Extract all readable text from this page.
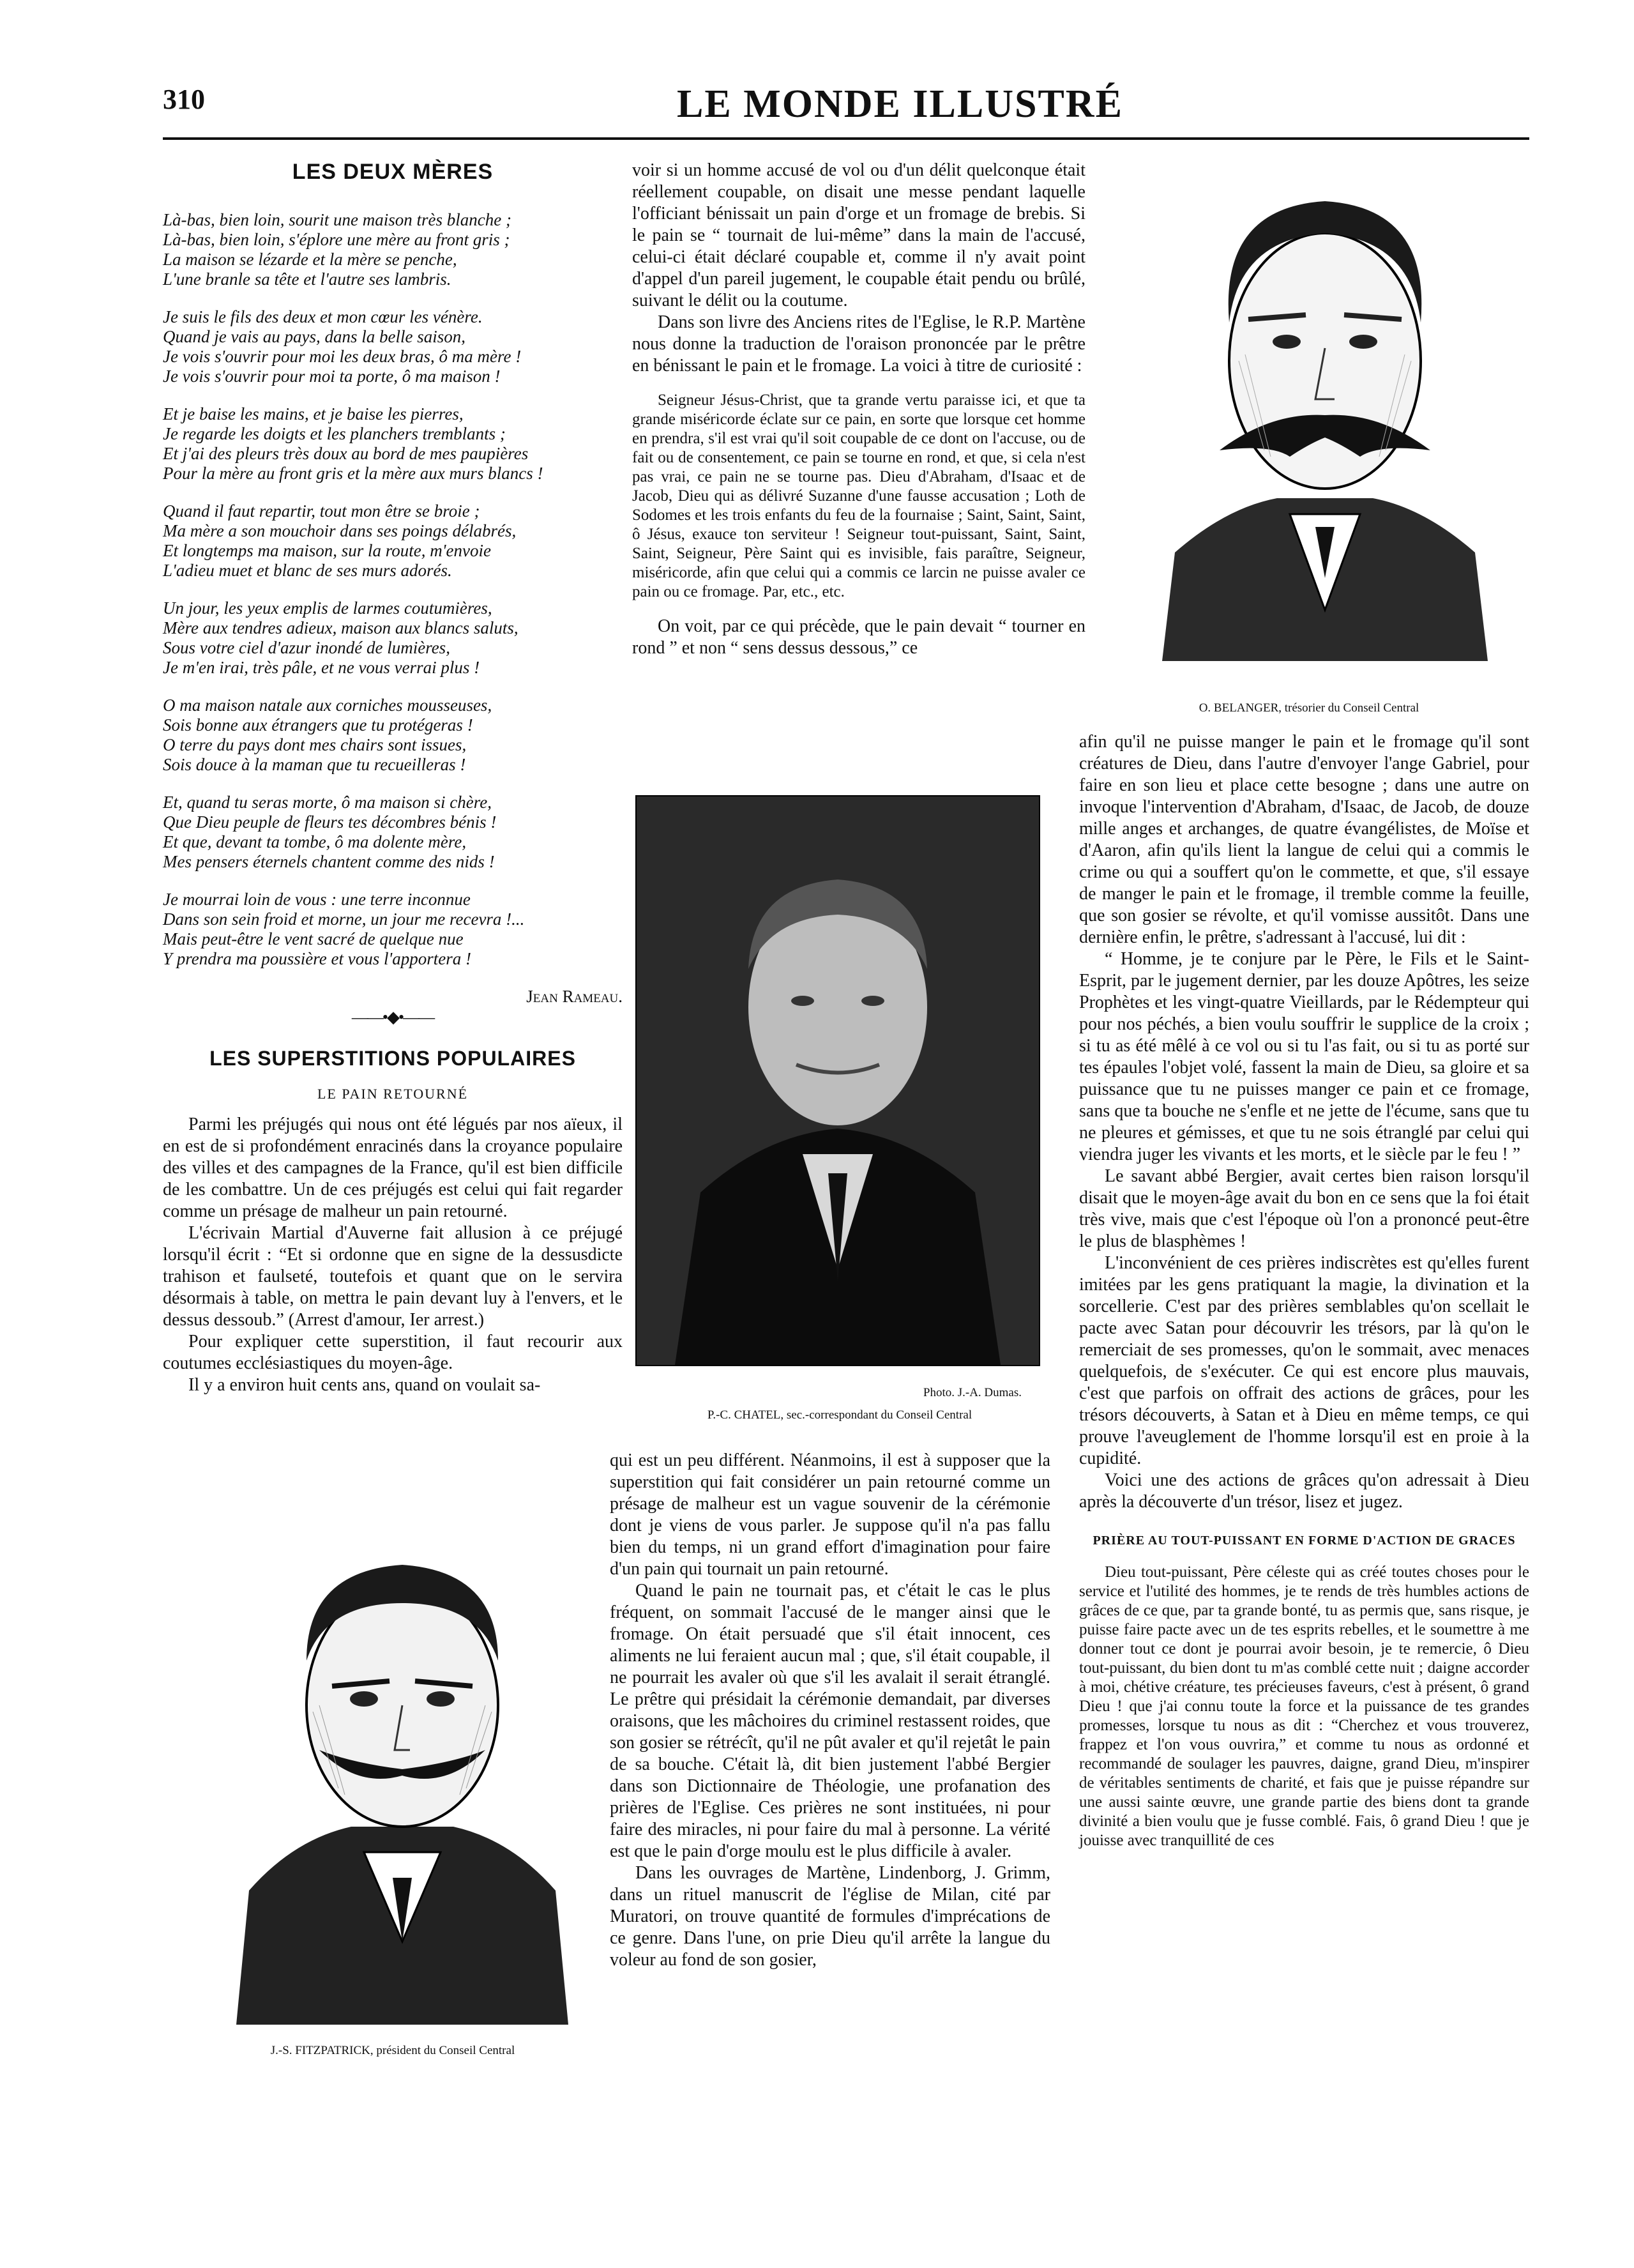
310	LE MONDE ILLUSTRÉ
LES DEUX MÈRES
Là-bas, bien loin, sourit une maison très blanche ;
Là-bas, bien loin, s'éplore une mère au front gris ;
La maison se lézarde et la mère se penche,
L'une branle sa tête et l'autre ses lambris.
Je suis le fils des deux et mon cœur les vénère.
Quand je vais au pays, dans la belle saison,
Je vois s'ouvrir pour moi les deux bras, ô ma mère !
Je vois s'ouvrir pour moi ta porte, ô ma maison !
Et je baise les mains, et je baise les pierres,
Je regarde les doigts et les planchers tremblants ;
Et j'ai des pleurs très doux au bord de mes paupières
Pour la mère au front gris et la mère aux murs blancs !
Quand il faut repartir, tout mon être se broie ;
Ma mère a son mouchoir dans ses poings délabrés,
Et longtemps ma maison, sur la route, m'envoie
L'adieu muet et blanc de ses murs adorés.
Un jour, les yeux emplis de larmes coutumières,
Mère aux tendres adieux, maison aux blancs saluts,
Sous votre ciel d'azur inondé de lumières,
Je m'en irai, très pâle, et ne vous verrai plus !
O ma maison natale aux corniches mousseuses,
Sois bonne aux étrangers que tu protégeras !
O terre du pays dont mes chairs sont issues,
Sois douce à la maman que tu recueilleras !
Et, quand tu seras morte, ô ma maison si chère,
Que Dieu peuple de fleurs tes décombres bénis !
Et que, devant ta tombe, ô ma dolente mère,
Mes pensers éternels chantent comme des nids !
Je mourrai loin de vous : une terre inconnue
Dans son sein froid et morne, un jour me recevra !...
Mais peut-être le vent sacré de quelque nue
Y prendra ma poussière et vous l'apportera !
Jean Rameau.
——•◆•——
LES SUPERSTITIONS POPULAIRES
LE PAIN RETOURNÉ

Parmi les préjugés qui nous ont été légués par nos aïeux, il en est de si profondément enracinés dans la croyance populaire des villes et des campagnes de la France, qu'il est bien difficile de les combattre. Un de ces préjugés est celui qui fait regarder comme un présage de malheur un pain retourné.

L'écrivain Martial d'Auverne fait allusion à ce préjugé lorsqu'il écrit : “Et si ordonne que en signe de la dessusdicte trahison et faulseté, toutefois et quant que on le servira désormais à table, on mettra le pain devant luy à l'envers, et le dessus dessoub.” (Arrest d'amour, Ier arrest.)

Pour expliquer cette superstition, il faut recourir aux coutumes ecclésiastiques du moyen-âge.

Il y a environ huit cents ans, quand on voulait sa-

J.-S. FITZPATRICK, président du Conseil Central

voir si un homme accusé de vol ou d'un délit quelconque était réellement coupable, on disait une messe pendant laquelle l'officiant bénissait un pain d'orge et un fromage de brebis. Si le pain se “ tournait de lui-même” dans la main de l'accusé, celui-ci était déclaré coupable et, comme il n'y avait point d'appel d'un pareil jugement, le coupable était pendu ou brûlé, suivant le délit ou la coutume.

Dans son livre des Anciens rites de l'Eglise, le R.P. Martène nous donne la traduction de l'oraison prononcée par le prêtre en bénissant le pain et le fromage. La voici à titre de curiosité :

Seigneur Jésus-Christ, que ta grande vertu paraisse ici, et que ta grande miséricorde éclate sur ce pain, en sorte que lorsque cet homme en prendra, s'il est vrai qu'il soit coupable de ce dont on l'accuse, ou de fait ou de consentement, ce pain se tourne en rond, et que, si cela n'est pas vrai, ce pain ne se tourne pas. Dieu d'Abraham, d'Isaac et de Jacob, Dieu qui as délivré Suzanne d'une fausse accusation ; Loth de Sodomes et les trois enfants du feu de la fournaise ; Saint, Saint, Saint, ô Jésus, exauce ton serviteur ! Seigneur tout-puissant, Saint, Saint, Saint, Seigneur, Père Saint qui es invisible, fais paraître, Seigneur, miséricorde, afin que celui qui a commis ce larcin ne puisse avaler ce pain ou ce fromage. Par, etc., etc.

On voit, par ce qui précède, que le pain devait “ tourner en rond ” et non “ sens dessus dessous,” ce

Photo. J.-A. Dumas.
P.-C. CHATEL, sec.-correspondant du Conseil Central

qui est un peu différent. Néanmoins, il est à supposer que la superstition qui fait considérer un pain retourné comme un présage de malheur est un vague souvenir de la cérémonie dont je viens de vous parler. Je suppose qu'il n'a pas fallu bien du temps, ni un grand effort d'imagination pour faire d'un pain qui tournait un pain retourné.

Quand le pain ne tournait pas, et c'était le cas le plus fréquent, on sommait l'accusé de le manger ainsi que le fromage. On était persuadé que s'il était innocent, ces aliments ne lui feraient aucun mal ; que, s'il était coupable, il ne pourrait les avaler où que s'il les avalait il serait étranglé. Le prêtre qui présidait la cérémonie demandait, par diverses oraisons, que les mâchoires du criminel restassent roides, que son gosier se rétrécît, qu'il ne pût avaler et qu'il rejetât le pain de sa bouche. C'était là, dit bien justement l'abbé Bergier dans son Dictionnaire de Théologie, une profanation des prières de l'Eglise. Ces prières ne sont instituées, ni pour faire des miracles, ni pour faire du mal à personne. La vérité est que le pain d'orge moulu est le plus difficile à avaler.

Dans les ouvrages de Martène, Lindenborg, J. Grimm, dans un rituel manuscrit de l'église de Milan, cité par Muratori, on trouve quantité de formules d'imprécations de ce genre. Dans l'une, on prie Dieu qu'il arrête la langue du voleur au fond de son gosier,

O. BELANGER, trésorier du Conseil Central

afin qu'il ne puisse manger le pain et le fromage qu'il sont créatures de Dieu, dans l'autre d'envoyer l'ange Gabriel, pour faire en son lieu et place cette besogne ; dans une autre on invoque l'intervention d'Abraham, d'Isaac, de Jacob, de douze mille anges et archanges, de quatre évangélistes, de Moïse et d'Aaron, afin qu'ils lient la langue de celui qui a commis le crime ou qui a souffert qu'on le commette, et que, s'il essaye de manger le pain et le fromage, il tremble comme la feuille, que son gosier se révolte, et qu'il vomisse aussitôt. Dans une dernière enfin, le prêtre, s'adressant à l'accusé, lui dit :

“ Homme, je te conjure par le Père, le Fils et le Saint-Esprit, par le jugement dernier, par les douze Apôtres, les seize Prophètes et les vingt-quatre Vieillards, par le Rédempteur qui pour nos péchés, a bien voulu souffrir le supplice de la croix ; si tu as été mêlé à ce vol ou si tu l'as fait, ou si tu as porté sur tes épaules l'objet volé, fassent la main de Dieu, sa gloire et sa puissance que tu ne puisses manger ce pain et ce fromage, sans que ta bouche ne s'enfle et ne jette de l'écume, sans que tu ne pleures et gémisses, et que tu ne sois étranglé par celui qui viendra juger les vivants et les morts, et le siècle par le feu ! ”

Le savant abbé Bergier, avait certes bien raison lorsqu'il disait que le moyen-âge avait du bon en ce sens que la foi était très vive, mais que c'est l'époque où l'on a prononcé peut-être le plus de blasphèmes !

L'inconvénient de ces prières indiscrètes est qu'elles furent imitées par les gens pratiquant la magie, la divination et la sorcellerie. C'est par des prières semblables qu'on scellait le pacte avec Satan pour découvrir les trésors, par là qu'on le remerciait de ses promesses, qu'on le sommait, avec menaces quelquefois, de s'exécuter. Ce qui est encore plus mauvais, c'est que parfois on offrait des actions de grâces, pour les trésors découverts, à Satan et à Dieu en même temps, ce qui prouve l'aveuglement de l'homme lorsqu'il est en proie à la cupidité.

Voici une des actions de grâces qu'on adressait à Dieu après la découverte d'un trésor, lisez et jugez.

PRIÈRE AU TOUT-PUISSANT EN FORME D'ACTION DE GRACES
Dieu tout-puissant, Père céleste qui as créé toutes choses pour le service et l'utilité des hommes, je te rends de très humbles actions de grâces de ce que, par ta grande bonté, tu as permis que, sans risque, je puisse faire pacte avec un de tes esprits rebelles, et le soumettre à me donner tout ce dont je pourrai avoir besoin, je te remercie, ô Dieu tout-puissant, du bien dont tu m'as comblé cette nuit ; daigne accorder à moi, chétive créature, tes précieuses faveurs, c'est à présent, ô grand Dieu ! que j'ai connu toute la force et la puissance de tes grandes promesses, lorsque tu nous as dit : “Cherchez et vous trouverez, frappez et l'on vous ouvrira,” et comme tu nous as ordonné et recommandé de soulager les pauvres, daigne, grand Dieu, m'inspirer de véritables sentiments de charité, et fais que je puisse répandre sur une aussi sainte œuvre, une grande partie des biens dont ta grande divinité a bien voulu que je fusse comblé. Fais, ô grand Dieu ! que je jouisse avec tranquillité de ces
